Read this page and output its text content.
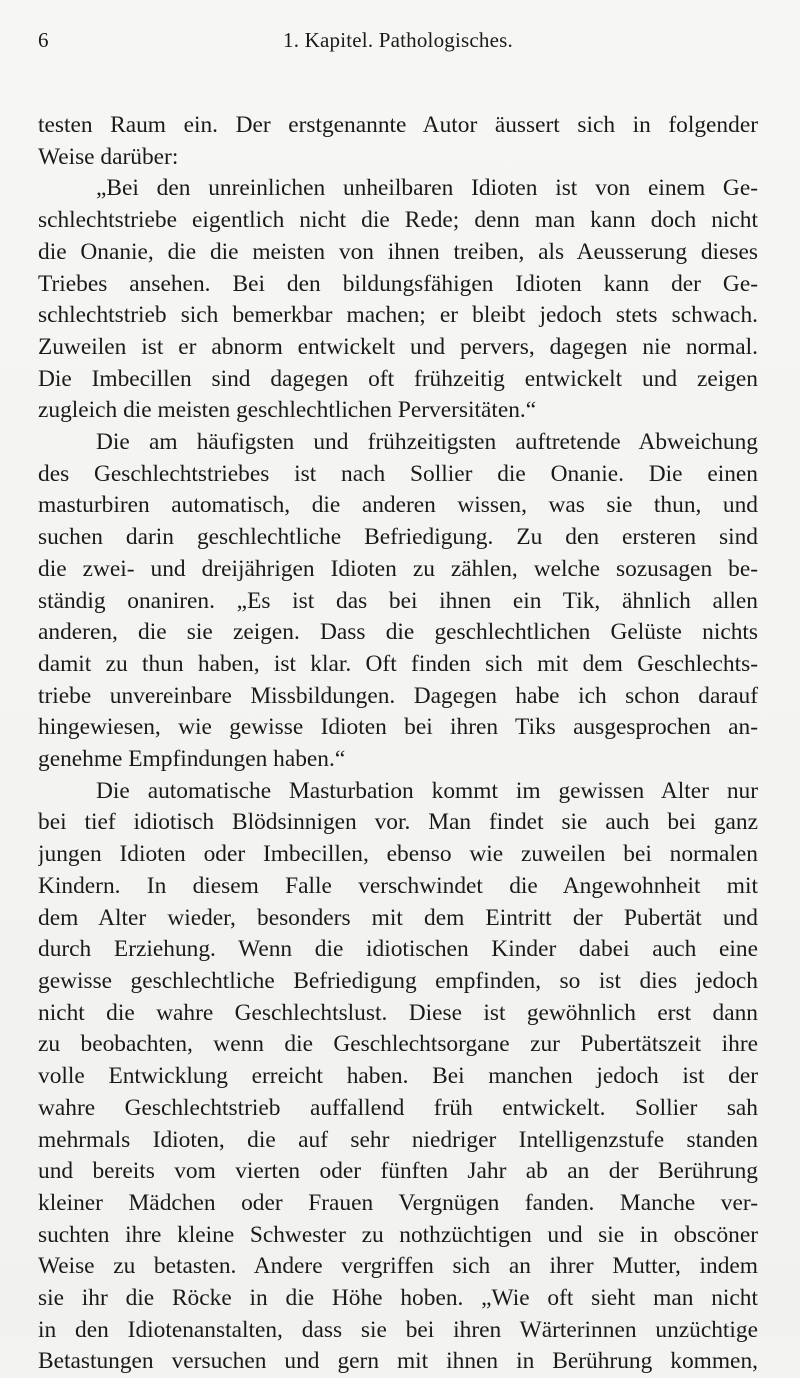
6	1. Kapitel. Pathologisches.
testen Raum ein. Der erstgenannte Autor äussert sich in folgender
Weise darüber:
„Bei den unreinlichen unheilbaren Idioten ist von einem Ge-
schlechtstriebe eigentlich nicht die Rede; denn man kann doch nicht
die Onanie, die die meisten von ihnen treiben, als Aeusserung dieses
Triebes ansehen. Bei den bildungsfähigen Idioten kann der Ge-
schlechtstrieb sich bemerkbar machen; er bleibt jedoch stets schwach.
Zuweilen ist er abnorm entwickelt und pervers, dagegen nie normal.
Die Imbecillen sind dagegen oft frühzeitig entwickelt und zeigen
zugleich die meisten geschlechtlichen Perversitäten.“
Die am häufigsten und frühzeitigsten auftretende Abweichung
des Geschlechtstriebes ist nach Sollier die Onanie. Die einen
masturbiren automatisch, die anderen wissen, was sie thun, und
suchen darin geschlechtliche Befriedigung. Zu den ersteren sind
die zwei- und dreijährigen Idioten zu zählen, welche sozusagen be-
ständig onaniren. „Es ist das bei ihnen ein Tik, ähnlich allen
anderen, die sie zeigen. Dass die geschlechtlichen Gelüste nichts
damit zu thun haben, ist klar. Oft finden sich mit dem Geschlechts-
triebe unvereinbare Missbildungen. Dagegen habe ich schon darauf
hingewiesen, wie gewisse Idioten bei ihren Tiks ausgesprochen an-
genehme Empfindungen haben.“
Die automatische Masturbation kommt im gewissen Alter nur
bei tief idiotisch Blödsinnigen vor. Man findet sie auch bei ganz
jungen Idioten oder Imbecillen, ebenso wie zuweilen bei normalen
Kindern. In diesem Falle verschwindet die Angewohnheit mit
dem Alter wieder, besonders mit dem Eintritt der Pubertät und
durch Erziehung. Wenn die idiotischen Kinder dabei auch eine
gewisse geschlechtliche Befriedigung empfinden, so ist dies jedoch
nicht die wahre Geschlechtslust. Diese ist gewöhnlich erst dann
zu beobachten, wenn die Geschlechtsorgane zur Pubertätszeit ihre
volle Entwicklung erreicht haben. Bei manchen jedoch ist der
wahre Geschlechtstrieb auffallend früh entwickelt. Sollier sah
mehrmals Idioten, die auf sehr niedriger Intelligenzstufe standen
und bereits vom vierten oder fünften Jahr ab an der Berührung
kleiner Mädchen oder Frauen Vergnügen fanden. Manche ver-
suchten ihre kleine Schwester zu nothzüchtigen und sie in obscöner
Weise zu betasten. Andere vergriffen sich an ihrer Mutter, indem
sie ihr die Röcke in die Höhe hoben. „Wie oft sieht man nicht
in den Idiotenanstalten, dass sie bei ihren Wärterinnen unzüchtige
Betastungen versuchen und gern mit ihnen in Berührung kommen,
